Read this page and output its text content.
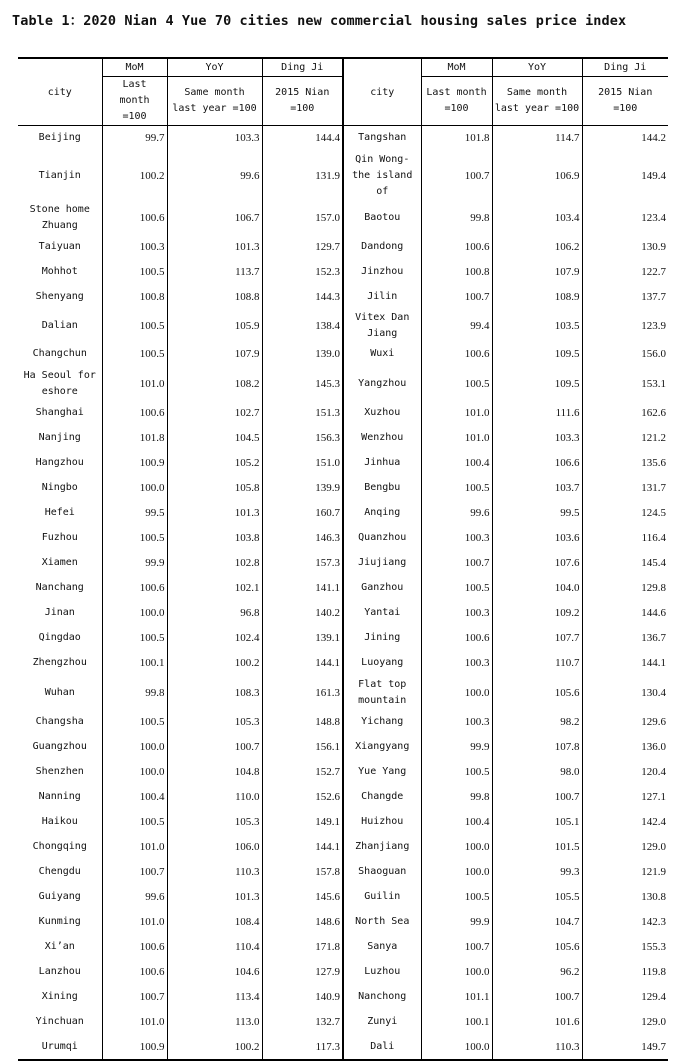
Table 1：2020 Nian 4 Yue 70 cities new commercial housing sales price index
city	MoM	YoY	Ding Ji	city	MoM	YoY	Ding Ji
	Last month =100	Same month last year =100	2015 Nian =100		Last month =100	Same month last year =100	2015 Nian =100
Beijing	99.7	103.3	144.4	Tangshan	101.8	114.7	144.2
Tianjin	100.2	99.6	131.9	Qin Wong- the island of	100.7	106.9	149.4
Stone home Zhuang	100.6	106.7	157.0	Baotou	99.8	103.4	123.4
Taiyuan	100.3	101.3	129.7	Dandong	100.6	106.2	130.9
Mohhot	100.5	113.7	152.3	Jinzhou	100.8	107.9	122.7
Shenyang	100.8	108.8	144.3	Jilin	100.7	108.9	137.7
Dalian	100.5	105.9	138.4	Vitex Dan Jiang	99.4	103.5	123.9
Changchun	100.5	107.9	139.0	Wuxi	100.6	109.5	156.0
Ha Seoul for eshore	101.0	108.2	145.3	Yangzhou	100.5	109.5	153.1
Shanghai	100.6	102.7	151.3	Xuzhou	101.0	111.6	162.6
Nanjing	101.8	104.5	156.3	Wenzhou	101.0	103.3	121.2
Hangzhou	100.9	105.2	151.0	Jinhua	100.4	106.6	135.6
Ningbo	100.0	105.8	139.9	Bengbu	100.5	103.7	131.7
Hefei	99.5	101.3	160.7	Anqing	99.6	99.5	124.5
Fuzhou	100.5	103.8	146.3	Quanzhou	100.3	103.6	116.4
Xiamen	99.9	102.8	157.3	Jiujiang	100.7	107.6	145.4
Nanchang	100.6	102.1	141.1	Ganzhou	100.5	104.0	129.8
Jinan	100.0	96.8	140.2	Yantai	100.3	109.2	144.6
Qingdao	100.5	102.4	139.1	Jining	100.6	107.7	136.7
Zhengzhou	100.1	100.2	144.1	Luoyang	100.3	110.7	144.1
Wuhan	99.8	108.3	161.3	Flat top mountain	100.0	105.6	130.4
Changsha	100.5	105.3	148.8	Yichang	100.3	98.2	129.6
Guangzhou	100.0	100.7	156.1	Xiangyang	99.9	107.8	136.0
Shenzhen	100.0	104.8	152.7	Yue Yang	100.5	98.0	120.4
Nanning	100.4	110.0	152.6	Changde	99.8	100.7	127.1
Haikou	100.5	105.3	149.1	Huizhou	100.4	105.1	142.4
Chongqing	101.0	106.0	144.1	Zhanjiang	100.0	101.5	129.0
Chengdu	100.7	110.3	157.8	Shaoguan	100.0	99.3	121.9
Guiyang	99.6	101.3	145.6	Guilin	100.5	105.5	130.8
Kunming	101.0	108.4	148.6	North Sea	99.9	104.7	142.3
Xi’an	100.6	110.4	171.8	Sanya	100.7	105.6	155.3
Lanzhou	100.6	104.6	127.9	Luzhou	100.0	96.2	119.8
Xining	100.7	113.4	140.9	Nanchong	101.1	100.7	129.4
Yinchuan	101.0	113.0	132.7	Zunyi	100.1	101.6	129.0
Urumqi	100.9	100.2	117.3	Dali	100.0	110.3	149.7
